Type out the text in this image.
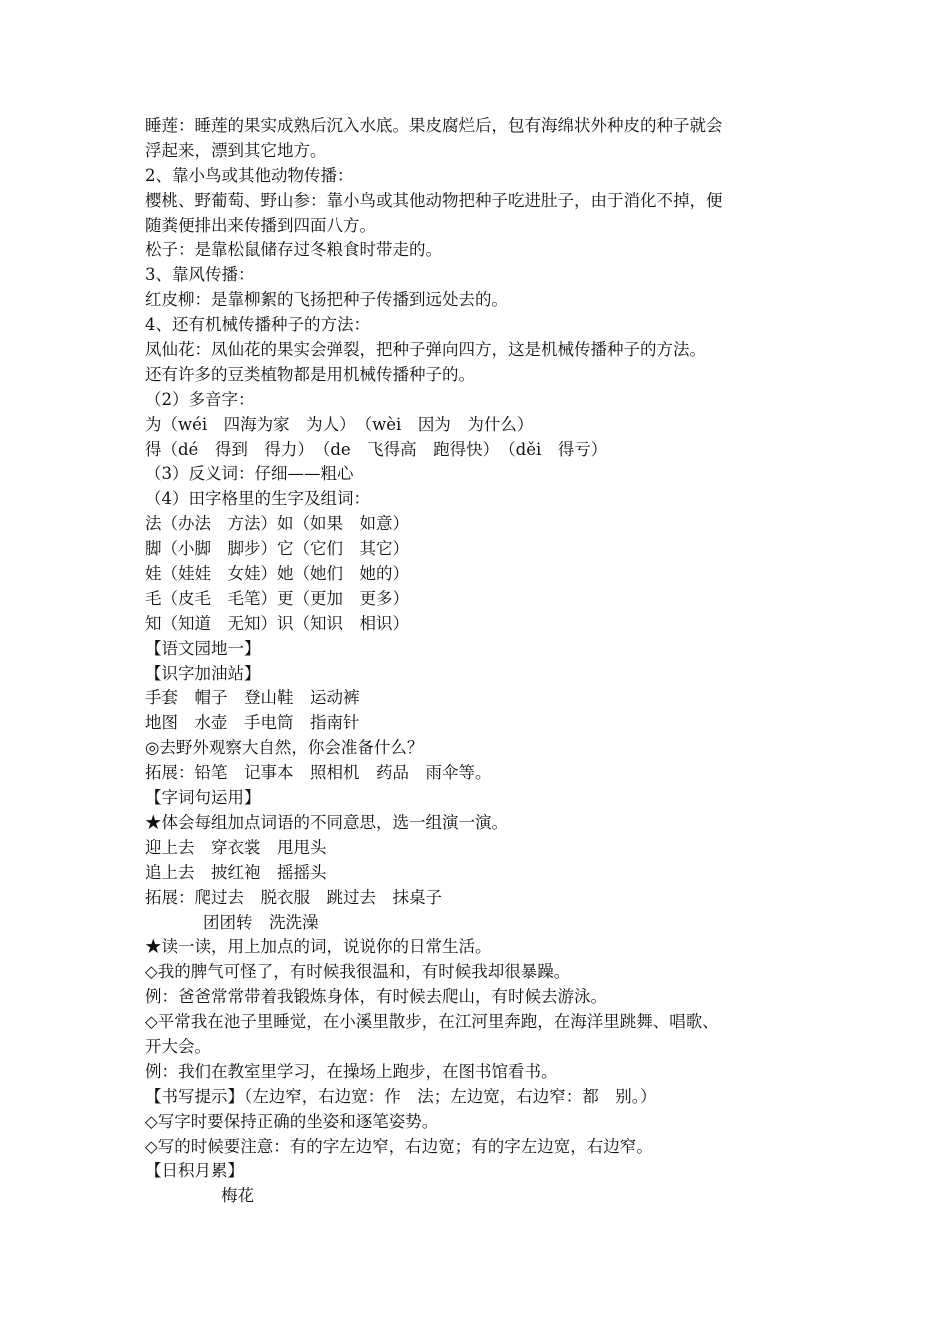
睡莲：睡莲的果实成熟后沉入水底。果皮腐烂后，包有海绵状外种皮的种子就会
浮起来，漂到其它地方。
2、靠小鸟或其他动物传播：
樱桃、野葡萄、野山参：靠小鸟或其他动物把种子吃进肚子，由于消化不掉，便
随粪便排出来传播到四面八方。
松子：是靠松鼠储存过冬粮食时带走的。
3、靠风传播：
红皮柳：是靠柳絮的飞扬把种子传播到远处去的。
4、还有机械传播种子的方法：
凤仙花：凤仙花的果实会弹裂，把种子弹向四方，这是机械传播种子的方法。
还有许多的豆类植物都是用机械传播种子的。
（2）多音字：
为（wéi　四海为家　为人）　（wèi　因为　为什么）
得（dé　得到　得力）　（de　飞得高　跑得快）　（děi　得亏）
（3）反义词：仔细——粗心
（4）田字格里的生字及组词：
法（办法　方法）如（如果　如意）
脚（小脚　脚步）它（它们　其它）
娃（娃娃　女娃）她（她们　她的）
毛（皮毛　毛笔）更（更加　更多）
知（知道　无知）识（知识　相识）
【语文园地一】
【识字加油站】
手套　帽子　登山鞋　运动裤
地图　水壶　手电筒　指南针
◎去野外观察大自然，你会准备什么？
拓展：铅笔　记事本　照相机　药品　雨伞等。
【字词句运用】
★体会每组加点词语的不同意思，选一组演一演。
迎上去　穿衣裳　甩甩头
追上去　披红袍　摇摇头
拓展：爬过去　脱衣服　跳过去　抹桌子
团团转　洗洗澡
★读一读，用上加点的词，说说你的日常生活。
◇我的脾气可怪了，有时候我很温和，有时候我却很暴躁。
例：爸爸常常带着我锻炼身体，有时候去爬山，有时候去游泳。
◇平常我在池子里睡觉，在小溪里散步，在江河里奔跑，在海洋里跳舞、唱歌、
开大会。
例：我们在教室里学习，在操场上跑步，在图书馆看书。
【书写提示】（左边窄，右边宽：作　法；左边宽，右边窄：都　别。）
◇写字时要保持正确的坐姿和逐笔姿势。
◇写的时候要注意：有的字左边窄，右边宽；有的字左边宽，右边窄。
【日积月累】
梅花
